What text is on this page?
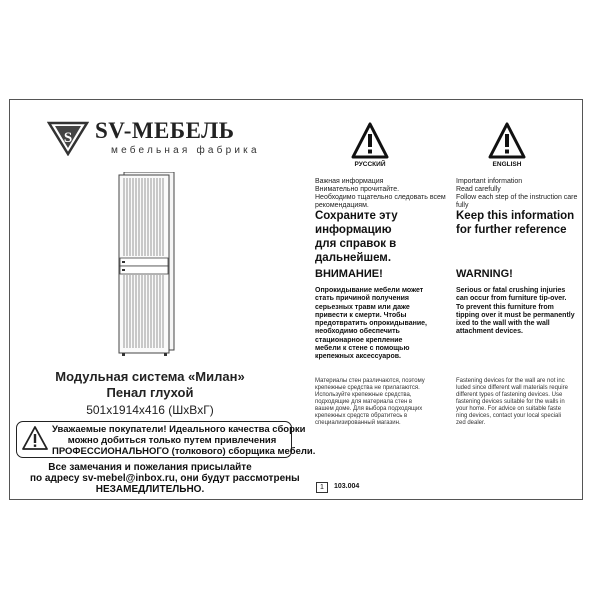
S SV-МЕБЕЛЬ
мебельная фабрика
Модульная система «Милан»
Пенал глухой
501x1914x416 (ШxВxГ)
Уважаемые покупатели! Идеального качества сборки
можно добиться только путем привлечения
ПРОФЕССИОНАЛЬНОГО (толкового) сборщика мебели.
Все замечания и пожелания присылайте
по адресу sv-mebel@inbox.ru, они будут рассмотрены
НЕЗАМЕДЛИТЕЛЬНО.
РУССКИЙ
Важная информация
Внимательно прочитайте.
Необходимо тщательно следовать всем
рекомендациям.
Сохраните эту
информацию
для справок в
дальнейшем.
ВНИМАНИЕ!
Опрокидывание мебели может
стать причиной получения
серьезных травм или даже
привести к смерти. Чтобы
предотвратить опрокидывание,
необходимо обеспечить
стационарное крепление
мебели к стене с помощью
крепежных аксессуаров.
Материалы стен различаются, поэтому
крепежные средства не прилагаются.
Используйте крепежные средства,
подходящие для материала стен в
вашем доме. Для выбора подходящих
крепежных средств обратитесь в
специализированный магазин.
ENGLISH
Important information
Read carefully
Follow each step of the instruction care
fully
Keep this information
for further reference
WARNING!
Serious or fatal crushing injuries
can occur from furniture tip-over.
To prevent this furniture from
tipping over it must be permanently
ixed to the wall with the wall
attachment devices.
Fastening devices for the wall are not inc
luded since different wall materials require
different types of fastening devices. Use
fastening devices suitable for the walls in
your home. For advice on suitable faste
ning devices, contact your local speciali
zed dealer.
1	103.004
